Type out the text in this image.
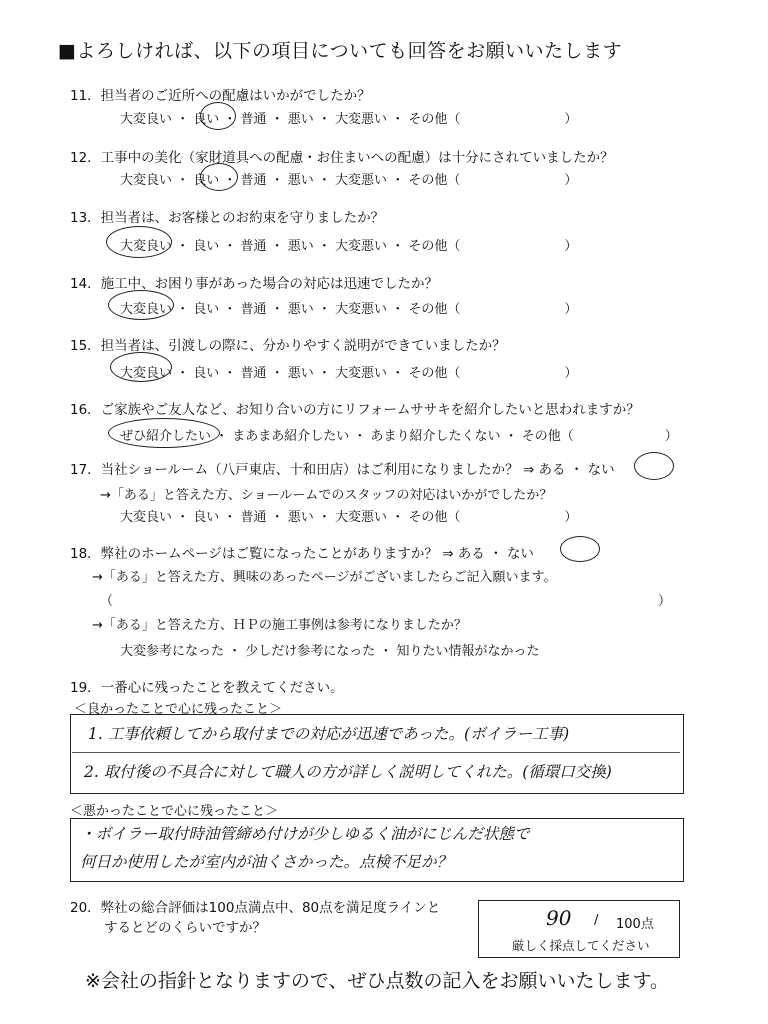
■よろしければ、以下の項目についても回答をお願いいたします
11．担当者のご近所への配慮はいかがでしたか？
大変良い ・ 良い ・ 普通 ・ 悪い ・ 大変悪い ・ その他（　　　　　　　　）
12．工事中の美化（家財道具への配慮・お住まいへの配慮）は十分にされていましたか？
大変良い ・ 良い ・ 普通 ・ 悪い ・ 大変悪い ・ その他（　　　　　　　　）
13．担当者は、お客様とのお約束を守りましたか？
大変良い ・ 良い ・ 普通 ・ 悪い ・ 大変悪い ・ その他（　　　　　　　　）
14．施工中、お困り事があった場合の対応は迅速でしたか？
大変良い ・ 良い ・ 普通 ・ 悪い ・ 大変悪い ・ その他（　　　　　　　　）
15．担当者は、引渡しの際に、分かりやすく説明ができていましたか？
大変良い ・ 良い ・ 普通 ・ 悪い ・ 大変悪い ・ その他（　　　　　　　　）
16．ご家族やご友人など、お知り合いの方にリフォームササキを紹介したいと思われますか？
ぜひ紹介したい ・ まあまあ紹介したい ・ あまり紹介したくない ・ その他（　　　　　　　）
17．当社ショールーム（八戸東店、十和田店）はご利用になりましたか？ ⇒ ある ・ ない
→「ある」と答えた方、ショールームでのスタッフの対応はいかがでしたか？
大変良い ・ 良い ・ 普通 ・ 悪い ・ 大変悪い ・ その他（　　　　　　　　）
18．弊社のホームページはご覧になったことがありますか？ ⇒ ある ・ ない
→「ある」と答えた方、興味のあったページがございましたらご記入願います。
（	）
→「ある」と答えた方、ＨＰの施工事例は参考になりましたか？
大変参考になった ・ 少しだけ参考になった ・ 知りたい情報がなかった
19．一番心に残ったことを教えてください。
＜良かったことで心に残ったこと＞
1. 工事依頼してから取付までの対応が迅速であった。(ボイラー工事)
2. 取付後の不具合に対して職人の方が詳しく説明してくれた。(循環口交換)
＜悪かったことで心に残ったこと＞
・ボイラー取付時油管締め付けが少しゆるく油がにじんだ状態で
何日か使用したが室内が油くさかった。点検不足か？
20．弊社の総合評価は100点満点中、80点を満足度ラインと
するとどのくらいですか？	90 / 100点
厳しく採点してください
※会社の指針となりますので、ぜひ点数の記入をお願いいたします。
